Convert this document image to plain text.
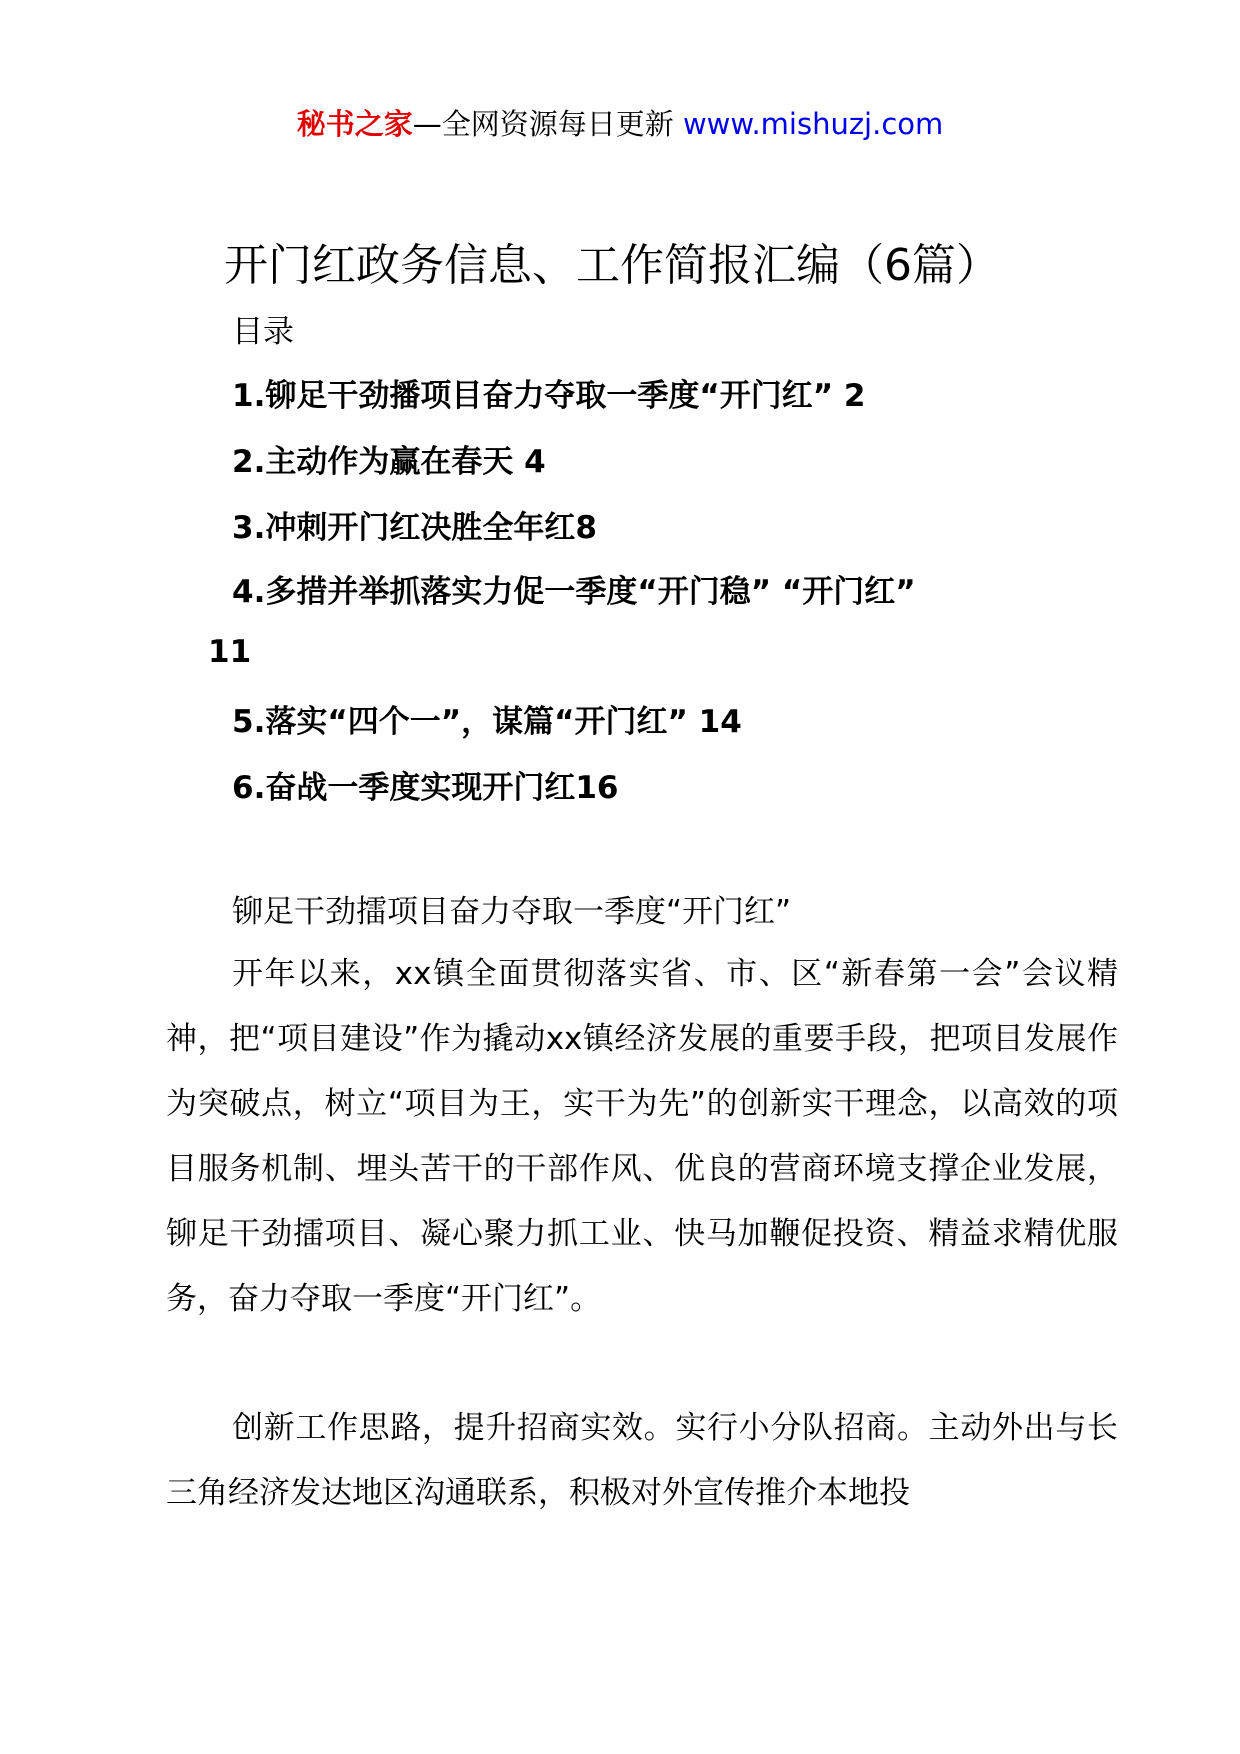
秘书之家—全网资源每日更新 www.mishuzj.com
开门红政务信息、工作简报汇编（6篇）
目录
1.铆足干劲播项目奋力夺取一季度“开门红” 2
2.主动作为赢在春天 4
3.冲刺开门红决胜全年红8
4.多措并举抓落实力促一季度“开门稳” “开门红”
11
5.落实“四个一”，谋篇“开门红” 14
6.奋战一季度实现开门红16
铆足干劲擂项目奋力夺取一季度“开门红”

开年以来，xx镇全面贯彻落实省、市、区“新春第一会”会议精神，把“项目建设”作为撬动xx镇经济发展的重要手段，把项目发展作为突破点，树立“项目为王，实干为先”的创新实干理念，以高效的项目服务机制、埋头苦干的干部作风、优良的营商环境支撑企业发展，铆足干劲擂项目、凝心聚力抓工业、快马加鞭促投资、精益求精优服务，奋力夺取一季度“开门红”。

创新工作思路，提升招商实效。实行小分队招商。主动外出与长三角经济发达地区沟通联系，积极对外宣传推介本地投
